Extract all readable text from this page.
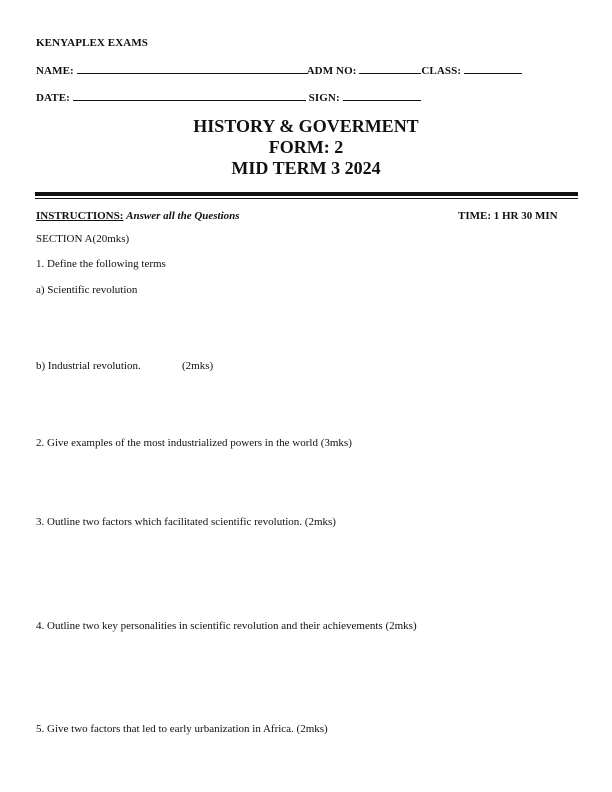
KENYAPLEX EXAMS
NAME:	ADM NO:	CLASS:
DATE:	SIGN:
HISTORY & GOVERMENT
FORM: 2
MID TERM 3 2024
INSTRUCTIONS: Answer all the Questions	TIME: 1 HR 30 MIN
SECTION A(20mks)
1. Define the following terms
a) Scientific revolution
b) Industrial revolution.	(2mks)
2. Give examples of the most industrialized powers in the world (3mks)
3. Outline two factors which facilitated scientific revolution. (2mks)
4. Outline two key personalities in scientific revolution and their achievements (2mks)
5. Give two factors that led to early urbanization in Africa. (2mks)
